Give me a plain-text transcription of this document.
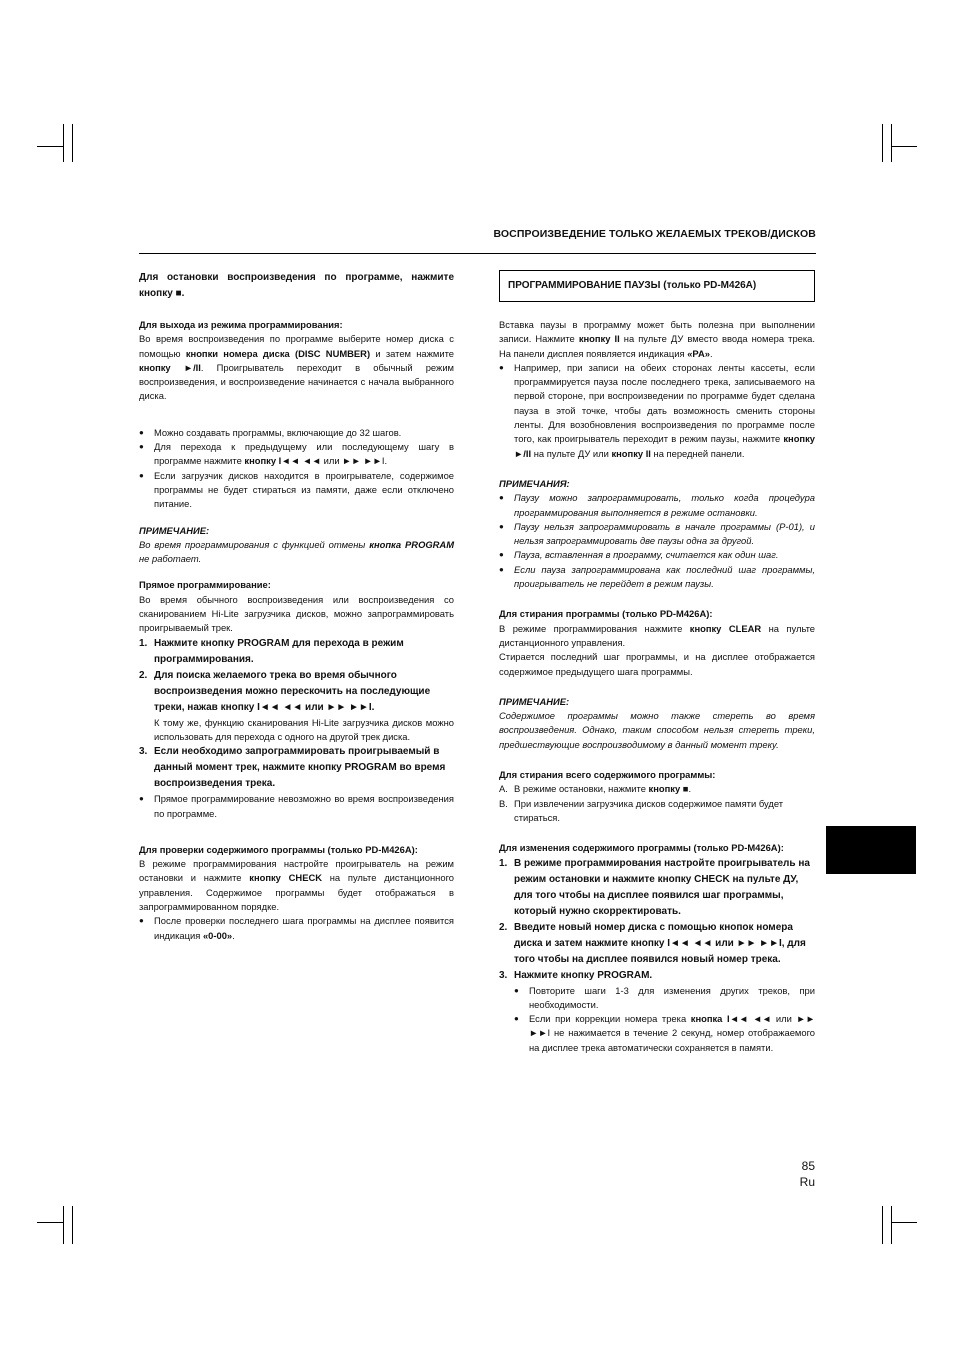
ВОСПРОИЗВЕДЕНИЕ ТОЛЬКО ЖЕЛАЕМЫХ ТРЕКОВ/ДИСКОВ

Для остановки воспроизведения по программе, нажмите кнопку ■.

Для выхода из режима программирования:

Во время воспроизведения по программе выберите номер диска с помощью кнопки номера диска (DISC NUMBER) и затем нажмите кнопку ►/II. Проигрыватель переходит в обычный режим воспроизведения, и воспроизведение начинается с начала выбранного диска.

● Можно создавать программы, включающие до 32 шагов.
● Для перехода к предыдущему или последующему шагу в программе нажмите кнопку I◄◄ ◄◄ или ►► ►►I.
● Если загрузчик дисков находится в проигрывателе, содержимое программы не будет стираться из памяти, даже если отключено питание.

ПРИМЕЧАНИЕ:

Во время программирования с функцией отмены кнопка PROGRAM не работает.

Прямое программирование:

Во время обычного воспроизведения или воспроизведения со сканированием Hi-Lite загрузчика дисков, можно запрограммировать проигрываемый трек.

1. Нажмите кнопку PROGRAM для перехода в режим программирования.
2. Для поиска желаемого трека во время обычного воспроизведения можно перескочить на последующие треки, нажав кнопку I◄◄ ◄◄ или ►► ►►I.

К тому же, функцию сканирования Hi-Lite загрузчика дисков можно использовать для перехода с одного на другой трек диска.

3. Если необходимо запрограммировать проигрываемый в данный момент трек, нажмите кнопку PROGRAM во время воспроизведения трека.
● Прямое программирование невозможно во время воспроизведения по программе.

Для проверки содержимого программы (только PD-M426A):

В режиме программирования настройте проигрыватель на режим остановки и нажмите кнопку CHECK на пульте дистанционного управления. Содержимое программы будет отображаться в запрограммированном порядке.

● После проверки последнего шага программы на дисплее появится индикация «0-00».
ПРОГРАММИРОВАНИЕ ПАУЗЫ (только PD-M426A)

Вставка паузы в программу может быть полезна при выполнении записи. Нажмите кнопку II на пульте ДУ вместо ввода номера трека. На панели дисплея появляется индикация «PA».

● Например, при записи на обеих сторонах ленты кассеты, если программируется пауза после последнего трека, записываемого на первой стороне, при воспроизведении по программе будет сделана пауза в этой точке, чтобы дать возможность сменить стороны ленты. Для возобновления воспроизведения по программе после того, как проигрыватель переходит в режим паузы, нажмите кнопку ►/II на пульте ДУ или кнопку II на передней панели.

ПРИМЕЧАНИЯ:

● Паузу можно запрограммировать, только когда процедура программирования выполняется в режиме остановки.
● Паузу нельзя запрограммировать в начале программы (P-01), и нельзя запрограммировать две паузы одна за другой.
● Пауза, вставленная в программу, считается как один шаг.
● Если пауза запрограммирована как последний шаг программы, проигрыватель не перейдет в режим паузы.

Для стирания программы (только PD-M426A):

В режиме программирования нажмите кнопку CLEAR на пульте дистанционного управления.

Стирается последний шаг программы, и на дисплее отображается содержимое предыдущего шага программы.

ПРИМЕЧАНИЕ:

Содержимое программы можно также стереть во время воспроизведения. Однако, таким способом нельзя стереть треки, предшествующие воспроизводимому в данный момент треку.

Для стирания всего содержимого программы:

A. В режиме остановки, нажмите кнопку ■.
B. При извлечении загрузчика дисков содержимое памяти будет стираться.

Для изменения содержимого программы (только PD-M426A):

1. В режиме программирования настройте проигрыватель на режим остановки и нажмите кнопку CHECK на пульте ДУ, для того чтобы на дисплее появился шаг программы, который нужно скорректировать.
2. Введите новый номер диска с помощью кнопок номера диска и затем нажмите кнопку I◄◄ ◄◄ или ►► ►►I, для того чтобы на дисплее появился новый номер трека.
3. Нажмите кнопку PROGRAM.
● Повторите шаги 1-3 для изменения других треков, при необходимости.
● Если при коррекции номера трека кнопка I◄◄ ◄◄ или ►► ►►I не нажимается в течение 2 секунд, номер отображаемого на дисплее трека автоматически сохраняется в памяти.
85
Ru
